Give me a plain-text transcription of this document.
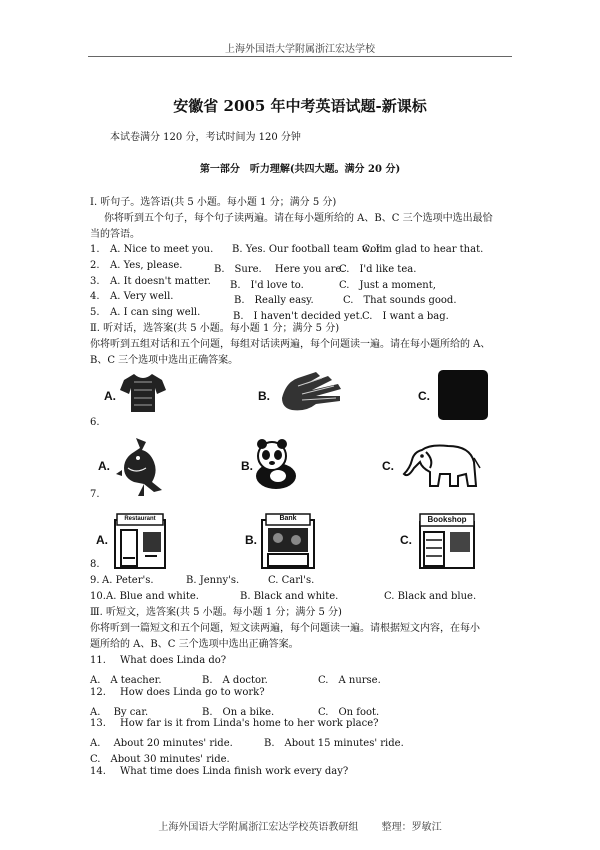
上海外国语大学附属浙江宏达学校
安徽省 2005 年中考英语试题-新课标
本试卷满分 120 分，考试时间为 120 分钟
第一部分　听力理解(共四大题。满分 20 分)
I. 听句子。选答语(共 5 小题。每小题 1 分；满分 5 分)
你将听到五个句子，每个句子读两遍。请在每小题所给的 A、B、C 三个选项中选出最恰
当的答语。
1. A. Nice to meet you. B. Yes. Our football team won.
C. I'm glad to hear that.
2. A. Yes, please.	B.　Sure.　 Here you are.
C.　I'd like tea.
3. A. It doesn't matter. B.　I'd love to.	C.　Just a moment,
4. A. Very well.	B.　Really easy.	C.　That sounds good.
5. A. I can sing well.	B.　I haven't decided yet. C.　I want a bag.
Ⅱ. 听对话，选答案(共 5 小题。每小题 1 分；满分 5 分)
你将听到五组对话和五个问题，每组对话读两遍，每个问题读一遍。请在每小题所给的 A、
B、C 三个选项中选出正确答案。
A.	B.	C.
6.
A.	B.	C.
7.
A.
Restaurant
B.
Bank
C.
Bookshop
8.
9. A. Peter's.	B. Jenny's.	C. Carl's.
10. A. Blue and white.	B. Black and white.	C. Black and blue.
Ⅲ. 听短文，选答案(共 5 小题。每小题 1 分；满分 5 分)
你将听到一篇短文和五个问题，短文读两遍，每个问题读一遍。请根据短文内容，在每小
题所给的 A、B、C 三个选项中选出正确答案。
11. What does Linda do?
A.　A teacher.	B.　A doctor.	C.　A nurse.
12. How does Linda go to work?
A.　 By car.	B.　On a bike.	C.　On foot.
13. How far is it from Linda's home to her work place?
A.　 About 20 minutes' ride.	B.　About 15 minutes' ride.
C.　About 30 minutes' ride.
14. What time does Linda finish work every day?
上海外国语大学附属浙江宏达学校英语教研组　　 整理：罗敏江
